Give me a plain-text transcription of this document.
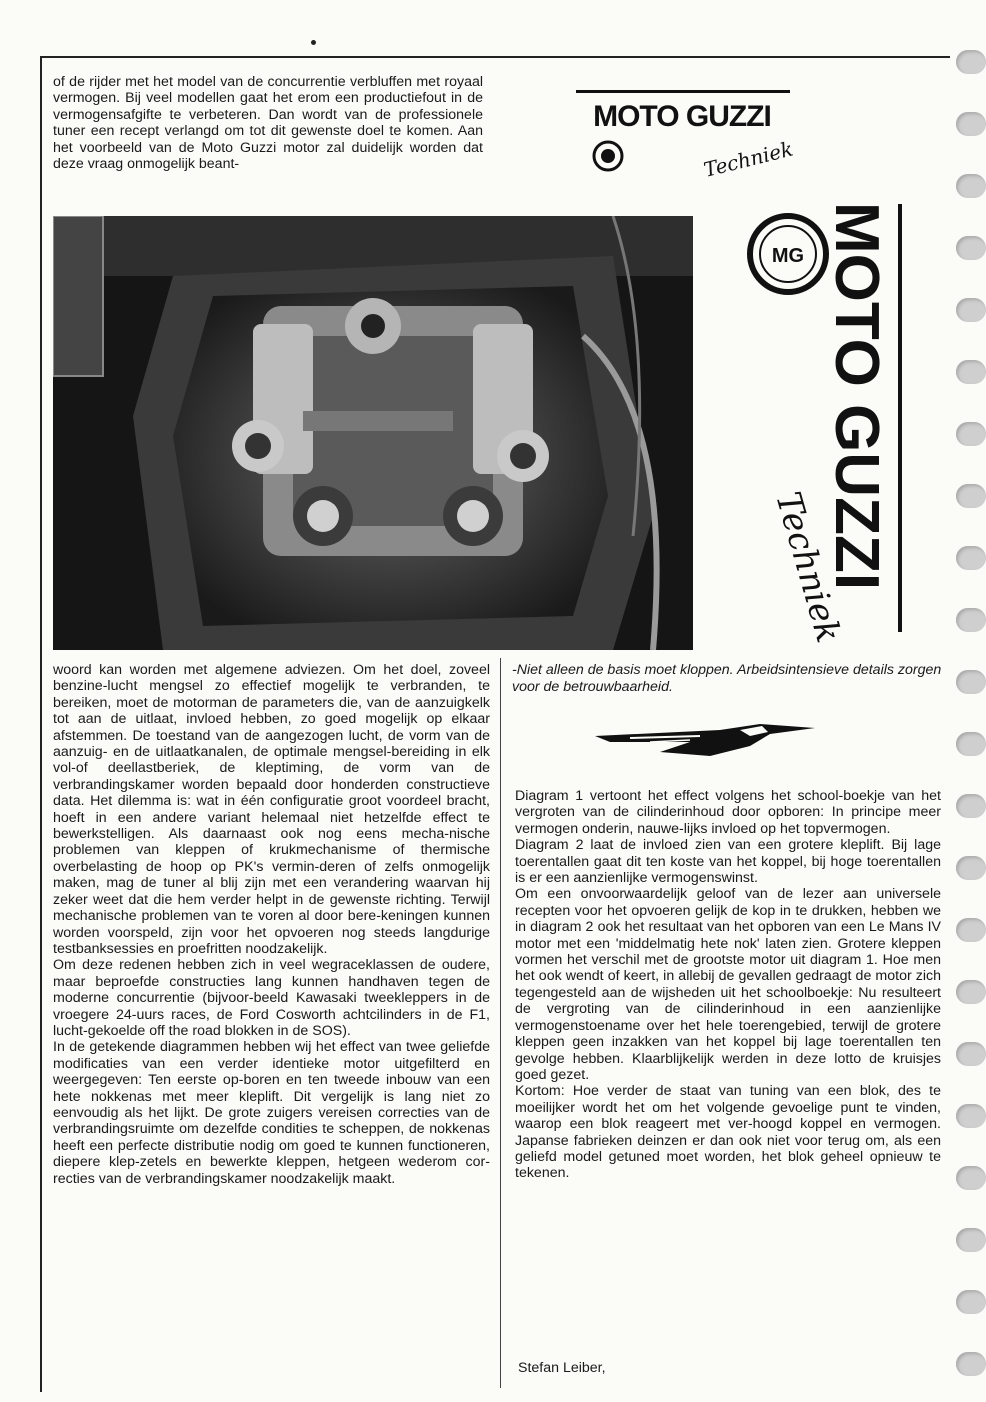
of de rijder met het model van de concurrentie verbluffen met royaal vermogen. Bij veel modellen gaat het erom een productiefout in de vermogensafgifte te verbeteren. Dan wordt van de professionele tuner een recept verlangd om tot dit gewenste doel te komen. Aan het voorbeeld van de Moto Guzzi motor zal duidelijk worden dat deze vraag onmogelijk beant-

MOTO GUZZI
Techniek
MG MOTO GUZZI
Techniek

woord kan worden met algemene adviezen. Om het doel, zoveel benzine-lucht mengsel zo effectief mogelijk te verbranden, te bereiken, moet de motorman de parameters die, van de aanzuigkelk tot aan de uitlaat, invloed hebben, zo goed mogelijk op elkaar afstemmen. De toestand van de aangezogen lucht, de vorm van de aanzuig- en de uitlaatkanalen, de optimale mengsel-bereiding in elk vol-of deellastberiek, de kleptiming, de vorm van de verbrandingskamer worden bepaald door honderden constructieve data. Het dilemma is: wat in één configuratie groot voordeel bracht, hoeft in een andere variant helemaal niet hetzelfde effect te bewerkstelligen. Als daarnaast ook nog eens mecha-nische problemen van kleppen of krukmechanisme of thermische overbelasting de hoop op PK's vermin-deren of zelfs onmogelijk maken, mag de tuner al blij zijn met een verandering waarvan hij zeker weet dat die hem verder helpt in de gewenste richting. Terwijl mechanische problemen van te voren al door bere-keningen kunnen worden voorspeld, zijn voor het opvoeren nog steeds langdurige testbanksessies en proefritten noodzakelijk.

Om deze redenen hebben zich in veel wegraceklassen de oudere, maar beproefde constructies lang kunnen handhaven tegen de moderne concurrentie (bijvoor-beeld Kawasaki tweekleppers in de vroegere 24-uurs races, de Ford Cosworth achtcilinders in de F1, lucht-gekoelde off the road blokken in de SOS).

In de getekende diagrammen hebben wij het effect van twee geliefde modificaties van een verder identieke motor uitgefilterd en weergegeven: Ten eerste op-boren en ten tweede inbouw van een hete nokkenas met meer kleplift. Dit vergelijk is lang niet zo eenvoudig als het lijkt. De grote zuigers vereisen correcties van de verbrandingsruimte om dezelfde condities te scheppen, de nokkenas heeft een perfecte distributie nodig om goed te kunnen functioneren, diepere klep-zetels en bewerkte kleppen, hetgeen wederom cor-recties van de verbrandingskamer noodzakelijk maakt.

-Niet alleen de basis moet kloppen. Arbeidsintensieve details zorgen voor de betrouwbaarheid.

Diagram 1 vertoont het effect volgens het school-boekje van het vergroten van de cilinderinhoud door opboren: In principe meer vermogen onderin, nauwe-lijks invloed op het topvermogen.

Diagram 2 laat de invloed zien van een grotere kleplift. Bij lage toerentallen gaat dit ten koste van het koppel, bij hoge toerentallen is er een aanzienlijke vermogenswinst.

Om een onvoorwaardelijk geloof van de lezer aan universele recepten voor het opvoeren gelijk de kop in te drukken, hebben we in diagram 2 ook het resultaat van het opboren van een Le Mans IV motor met een 'middelmatig hete nok' laten zien. Grotere kleppen vormen het verschil met de grootste motor uit diagram 1. Hoe men het ook wendt of keert, in allebij de gevallen gedraagt de motor zich tegengesteld aan de wijsheden uit het schoolboekje: Nu resulteert de vergroting van de cilinderinhoud in een aanzienlijke vermogenstoename over het hele toerengebied, terwijl de grotere kleppen geen inzakken van het koppel bij lage toerentallen ten gevolge hebben. Klaarblijkelijk werden in deze lotto de kruisjes goed gezet.

Kortom: Hoe verder de staat van tuning van een blok, des te moeilijker wordt het om het volgende gevoelige punt te vinden, waarop een blok reageert met ver-hoogd koppel en vermogen. Japanse fabrieken deinzen er dan ook niet voor terug om, als een geliefd model getuned moet worden, het blok geheel opnieuw te tekenen.

Stefan Leiber,
